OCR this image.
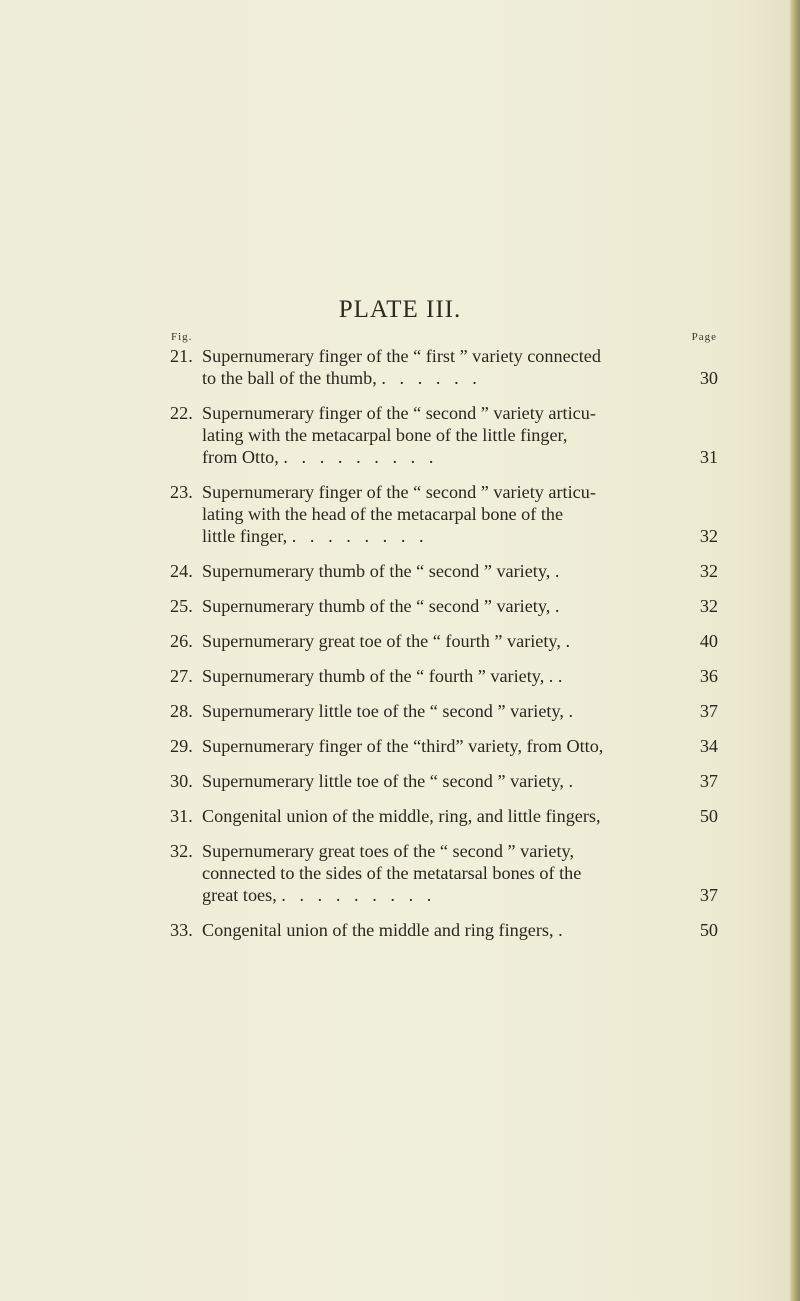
PLATE III.
Fig.	Page
21. Supernumerary finger of the “ first ” variety connected
to the ball of the thumb, .   .   .   .   .   .	30
22. Supernumerary finger of the “ second ” variety articu-
lating with the metacarpal bone of the little finger,
from Otto, .   .   .   .   .   .   .   .   .	31
23. Supernumerary finger of the “ second ” variety articu-
lating with the head of the metacarpal bone of the
little finger, .   .   .   .   .   .   .   .	32
24. Supernumerary thumb of the “ second ” variety, .	32
25. Supernumerary thumb of the “ second ” variety, .	32
26. Supernumerary great toe of the “ fourth ” variety, .	40
27. Supernumerary thumb of the “ fourth ” variety, . .	36
28. Supernumerary little toe of the “ second ” variety, .	37
29. Supernumerary finger of the “third” variety, from Otto,	34
30. Supernumerary little toe of the “ second ” variety, .	37
31. Congenital union of the middle, ring, and little fingers,	50
32. Supernumerary great toes of the “ second ” variety,
connected to the sides of the metatarsal bones of the
great toes, .   .   .   .   .   .   .   .   .	37
33. Congenital union of the middle and ring fingers, .	50
